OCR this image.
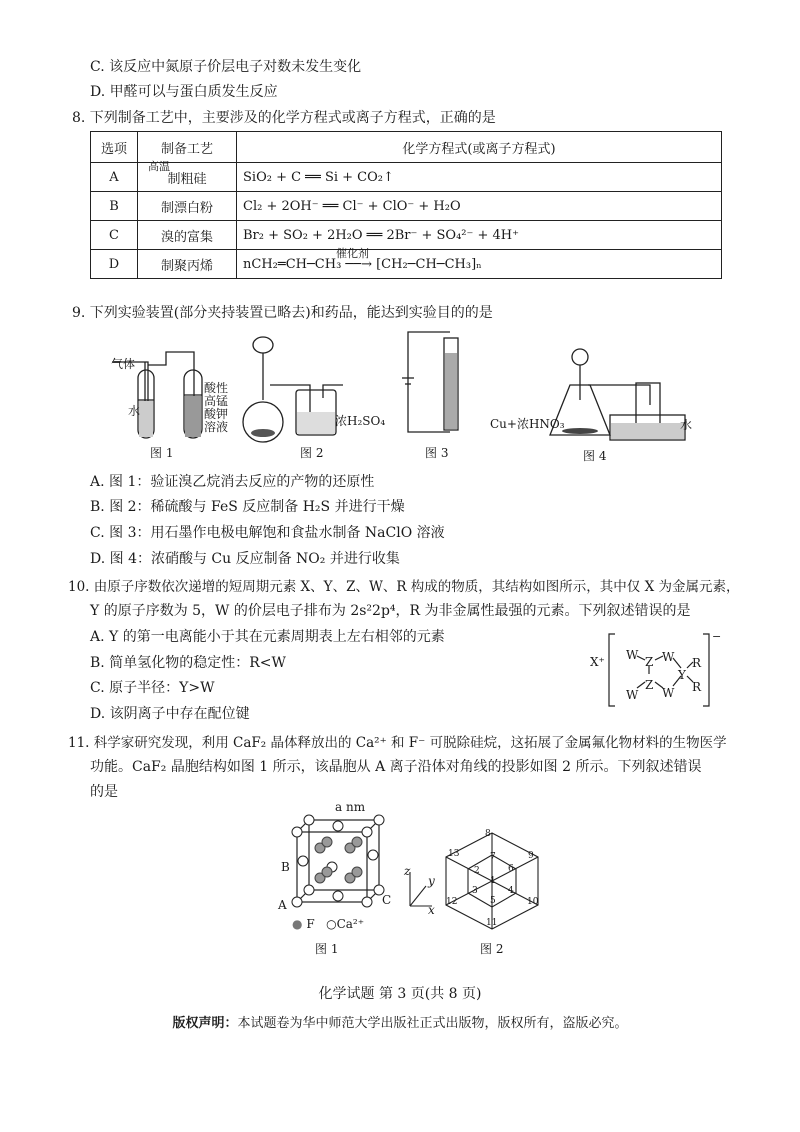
C. 该反应中氮原子价层电子对数未发生变化
D. 甲醛可以与蛋白质发生反应
8. 下列制备工艺中，主要涉及的化学方程式或离子方程式，正确的是
选项	制备工艺	化学方程式(或离子方程式)
A	制粗硅	SiO₂ + C ══ Si + CO₂↑ $^{高温}$
B	制漂白粉	Cl₂ + 2OH⁻ ══ Cl⁻ + ClO⁻ + H₂O
C	溴的富集	Br₂ + SO₂ + 2H₂O ══ 2Br⁻ + SO₄²⁻ + 4H⁺
D	制聚丙烯	nCH₂═CH─CH₃ ──→ [CH₂─CH─CH₃]ₙ $^{催化剂}$
9. 下列实验装置(部分夹持装置已略去)和药品，能达到实验目的的是
气体
水
酸性
高锰
酸钾
溶液
图 1
浓H₂SO₄
图 2	图 3
Cu+浓HNO₃	水
图 4
A. 图 1：验证溴乙烷消去反应的产物的还原性
B. 图 2：稀硫酸与 FeS 反应制备 H₂S 并进行干燥
C. 图 3：用石墨作电极电解饱和食盐水制备 NaClO 溶液
D. 图 4：浓硝酸与 Cu 反应制备 NO₂ 并进行收集
10. 由原子序数依次递增的短周期元素 X、Y、Z、W、R 构成的物质，其结构如图所示，其中仅 X 为金属元素，
Y 的原子序数为 5，W 的价层电子排布为 2s²2p⁴，R 为非金属性最强的元素。下列叙述错误的是
A. Y 的第一电离能小于其在元素周期表上左右相邻的元素
B. 简单氢化物的稳定性：R<W
C. 原子半径：Y>W
D. 该阴离子中存在配位键
X⁺
−
W Z W
Y
R
R
Z
W
W
11. 科学家研究发现，利用 CaF₂ 晶体释放出的 Ca²⁺ 和 F⁻ 可脱除硅烷，这拓展了金属氟化物材料的生物医学
功能。CaF₂ 晶胞结构如图 1 所示，该晶胞从 A 离子沿体对角线的投影如图 2 所示。下列叙述错误
的是
a nm
B
A	C
● F ○Ca²⁺
图 1
z
y
x
8
13	9
7
2	6
1
3
5
4
12	10
11
图 2
化学试题 第 3 页(共 8 页)
版权声明：本试题卷为华中师范大学出版社正式出版物，版权所有，盗版必究。
